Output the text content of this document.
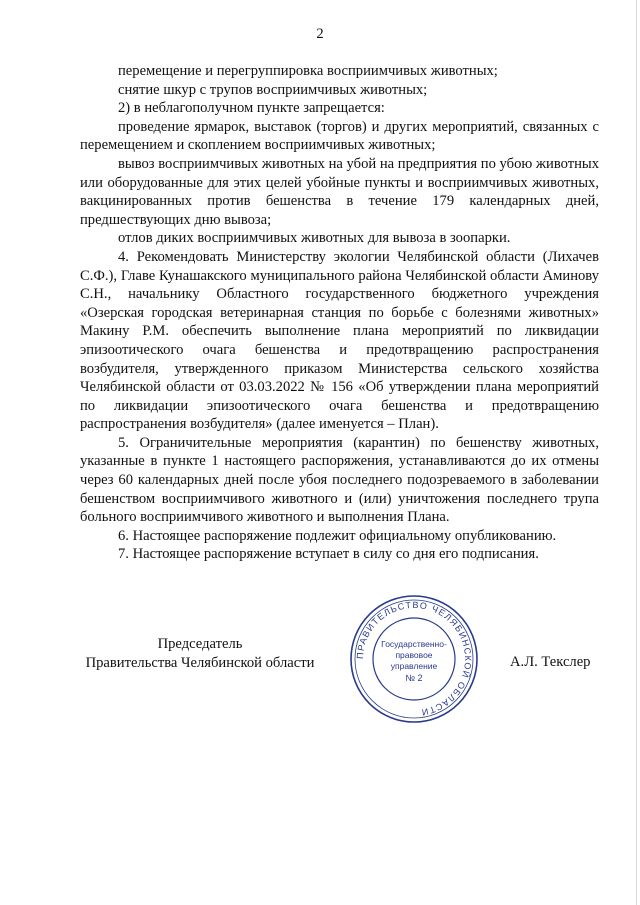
2

перемещение и перегруппировка восприимчивых животных;

снятие шкур с трупов восприимчивых животных;

2) в неблагополучном пункте запрещается:

проведение ярмарок, выставок (торгов) и других мероприятий, связанных с перемещением и скоплением восприимчивых животных;

вывоз восприимчивых животных на убой на предприятия по убою животных или оборудованные для этих целей убойные пункты и восприимчивых животных, вакцинированных против бешенства в течение 179 календарных дней, предшествующих дню вывоза;

отлов диких восприимчивых животных для вывоза в зоопарки.

4. Рекомендовать Министерству экологии Челябинской области (Лихачев С.Ф.), Главе Кунашакского муниципального района Челябинской области Аминову С.Н., начальнику Областного государственного бюджетного учреждения «Озерская городская ветеринарная станция по борьбе с болезнями животных» Макину Р.М. обеспечить выполнение плана мероприятий по ликвидации эпизоотического очага бешенства и предотвращению распространения возбудителя, утвержденного приказом Министерства сельского хозяйства Челябинской области от 03.03.2022 № 156 «Об утверждении плана мероприятий по ликвидации эпизоотического очага бешенства и предотвращению распространения возбудителя» (далее именуется – План).

5. Ограничительные мероприятия (карантин) по бешенству животных, указанные в пункте 1 настоящего распоряжения, устанавливаются до их отмены через 60 календарных дней после убоя последнего подозреваемого в заболевании бешенством восприимчивого животного и (или) уничтожения последнего трупа больного восприимчивого животного и выполнения Плана.

6. Настоящее распоряжение подлежит официальному опубликованию.

7. Настоящее распоряжение вступает в силу со дня его подписания.

Председатель
Правительства Челябинской области	ПРАВИТЕЛЬСТВО ЧЕЛЯБИНСКОЙ ОБЛАСТИ
Государственно-
правовое
управление
№ 2
А.Л. Текслер
